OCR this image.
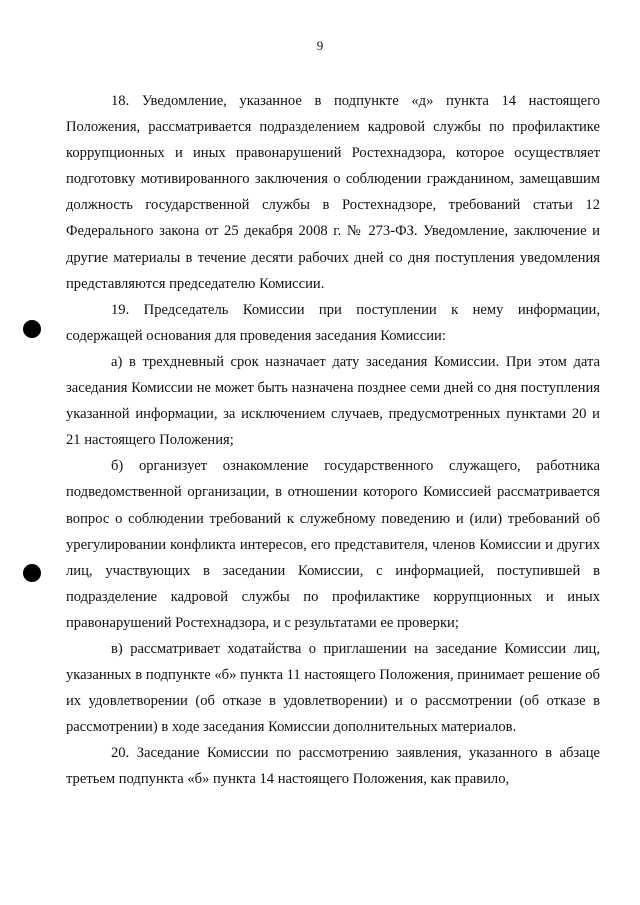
9

18. Уведомление, указанное в подпункте «д» пункта 14 настоящего Положения, рассматривается подразделением кадровой службы по профилактике коррупционных и иных правонарушений Ростехнадзора, которое осуществляет подготовку мотивированного заключения о соблюдении гражданином, замещавшим должность государственной службы в Ростехнадзоре, требований статьи 12 Федерального закона от 25 декабря 2008 г. № 273-ФЗ. Уведомление, заключение и другие материалы в течение десяти рабочих дней со дня поступления уведомления представляются председателю Комиссии.

19. Председатель Комиссии при поступлении к нему информации, содержащей основания для проведения заседания Комиссии:

а) в трехдневный срок назначает дату заседания Комиссии. При этом дата заседания Комиссии не может быть назначена позднее семи дней со дня поступления указанной информации, за исключением случаев, предусмотренных пунктами 20 и 21 настоящего Положения;

б) организует ознакомление государственного служащего, работника подведомственной организации, в отношении которого Комиссией рассматривается вопрос о соблюдении требований к служебному поведению и (или) требований об урегулировании конфликта интересов, его представителя, членов Комиссии и других лиц, участвующих в заседании Комиссии, с информацией, поступившей в подразделение кадровой службы по профилактике коррупционных и иных правонарушений Ростехнадзора, и с результатами ее проверки;

в) рассматривает ходатайства о приглашении на заседание Комиссии лиц, указанных в подпункте «б» пункта 11 настоящего Положения, принимает решение об их удовлетворении (об отказе в удовлетворении) и о рассмотрении (об отказе в рассмотрении) в ходе заседания Комиссии дополнительных материалов.

20. Заседание Комиссии по рассмотрению заявления, указанного в абзаце третьем подпункта «б» пункта 14 настоящего Положения, как правило,
